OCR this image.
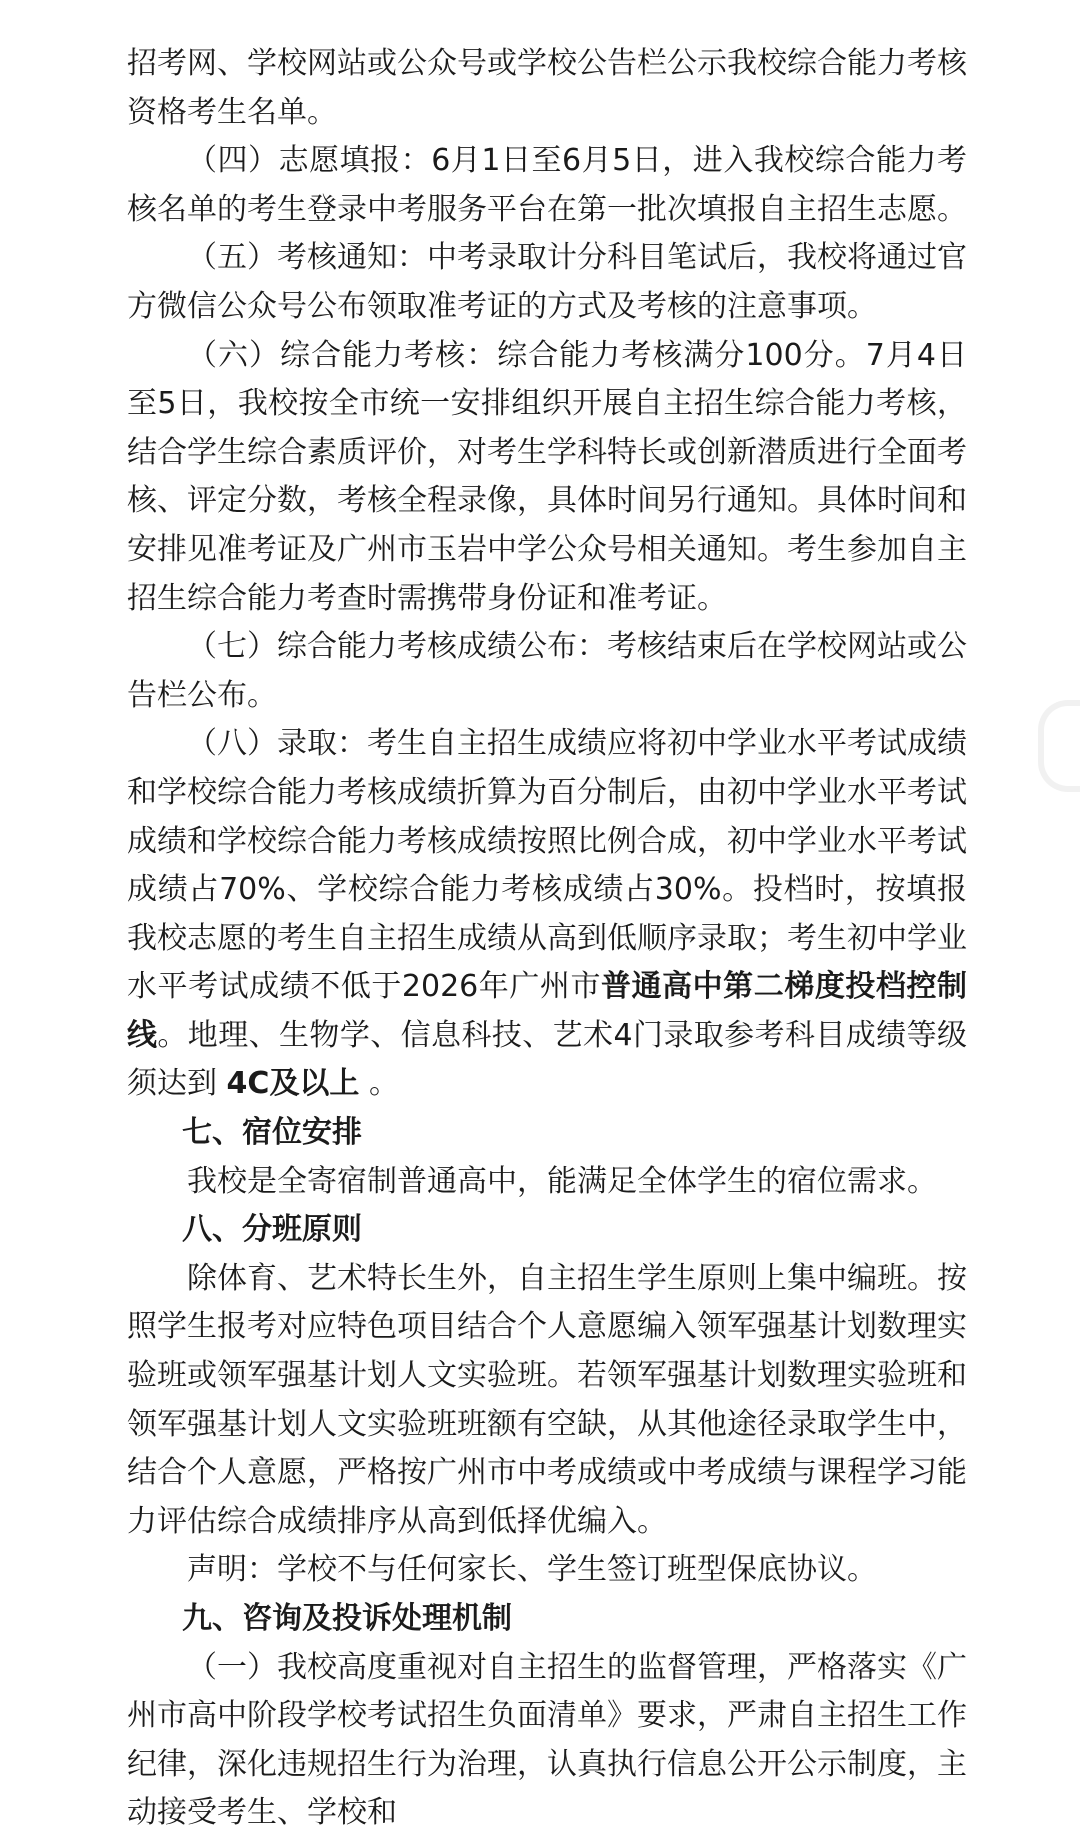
招考网、学校网站或公众号或学校公告栏公示我校综合能力考核资格考生名单。

（四）志愿填报：6月1日至6月5日，进入我校综合能力考核名单的考生登录中考服务平台在第一批次填报自主招生志愿。

（五）考核通知：中考录取计分科目笔试后，我校将通过官方微信公众号公布领取准考证的方式及考核的注意事项。

（六）综合能力考核：综合能力考核满分100分。7月4日至5日，我校按全市统一安排组织开展自主招生综合能力考核，结合学生综合素质评价，对考生学科特长或创新潜质进行全面考核、评定分数，考核全程录像，具体时间另行通知。具体时间和安排见准考证及广州市玉岩中学公众号相关通知。考生参加自主招生综合能力考查时需携带身份证和准考证。

（七）综合能力考核成绩公布：考核结束后在学校网站或公告栏公布。

（八）录取：考生自主招生成绩应将初中学业水平考试成绩和学校综合能力考核成绩折算为百分制后，由初中学业水平考试成绩和学校综合能力考核成绩按照比例合成，初中学业水平考试成绩占70%、学校综合能力考核成绩占30%。投档时，按填报我校志愿的考生自主招生成绩从高到低顺序录取；考生初中学业水平考试成绩不低于2026年广州市普通高中第二梯度投档控制线。地理、生物学、信息科技、艺术4门录取参考科目成绩等级须达到 4C及以上 。

七、宿位安排

我校是全寄宿制普通高中，能满足全体学生的宿位需求。

八、分班原则

除体育、艺术特长生外，自主招生学生原则上集中编班。按照学生报考对应特色项目结合个人意愿编入领军强基计划数理实验班或领军强基计划人文实验班。若领军强基计划数理实验班和领军强基计划人文实验班班额有空缺，从其他途径录取学生中，结合个人意愿，严格按广州市中考成绩或中考成绩与课程学习能力评估综合成绩排序从高到低择优编入。

声明：学校不与任何家长、学生签订班型保底协议。

九、咨询及投诉处理机制

（一）我校高度重视对自主招生的监督管理，严格落实《广州市高中阶段学校考试招生负面清单》要求，严肃自主招生工作纪律，深化违规招生行为治理，认真执行信息公开公示制度，主动接受考生、学校和
